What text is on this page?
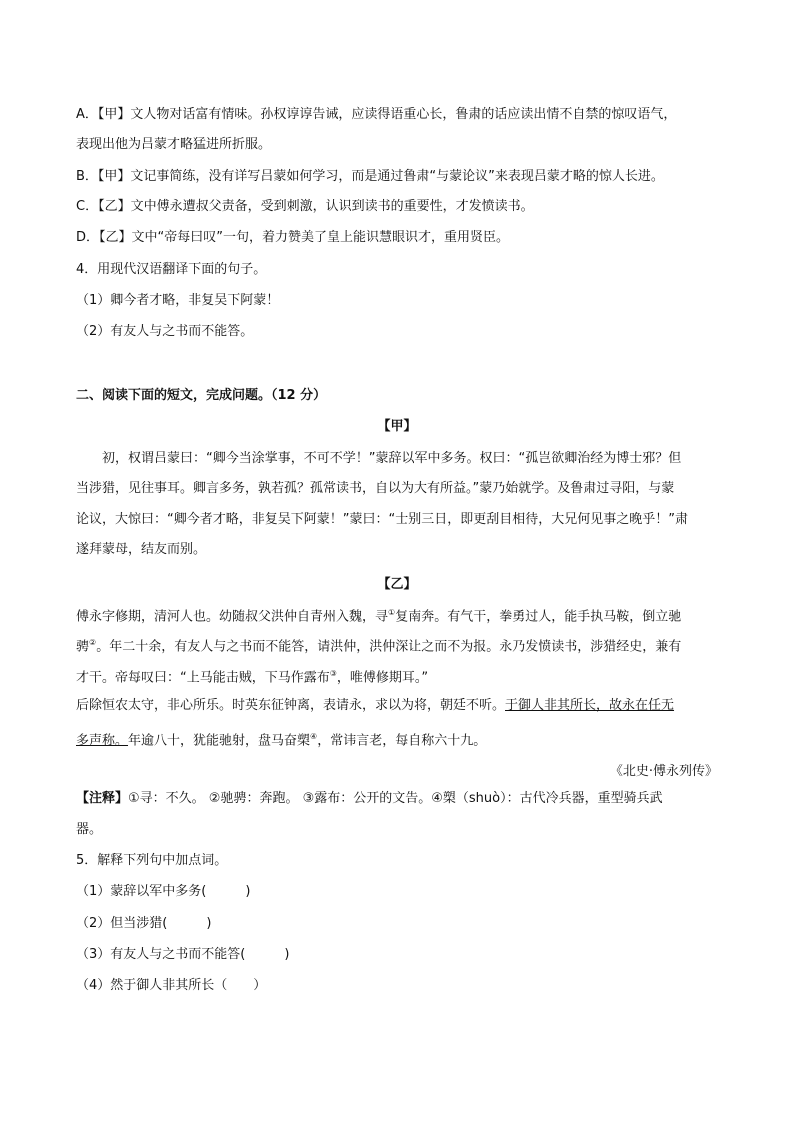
A．【甲】文人物对话富有情味。孙权谆谆告诫，应读得语重心长，鲁肃的话应读出情不自禁的惊叹语气，
表现出他为吕蒙才略猛进所折服。
B．【甲】文记事简练，没有详写吕蒙如何学习，而是通过鲁肃“与蒙论议”来表现吕蒙才略的惊人长进。
C．【乙】文中傅永遭叔父责备，受到刺激，认识到读书的重要性，才发愤读书。
D．【乙】文中“帝每曰叹”一句，着力赞美了皇上能识慧眼识才，重用贤臣。
4．用现代汉语翻译下面的句子。
（1）卿今者才略，非复吴下阿蒙！
（2）有友人与之书而不能答。
二、阅读下面的短文，完成问题。（12 分）
【甲】
初，权谓吕蒙曰：“卿今当涂掌事，不可不学！”蒙辞以军中多务。权曰：“孤岂欲卿治经为博士邪？但
当涉猎，见往事耳。卿言多务，孰若孤？孤常读书，自以为大有所益。”蒙乃始就学。及鲁肃过寻阳，与蒙
论议，大惊曰：“卿今者才略，非复吴下阿蒙！”蒙曰：“士别三日，即更刮目相待，大兄何见事之晚乎！”肃
遂拜蒙母，结友而别。
【乙】
傅永字修期，清河人也。幼随叔父洪仲自青州入魏，寻①复南奔。有气干，拳勇过人，能手执马鞍，倒立驰
骋②。年二十余，有友人与之书而不能答，请洪仲，洪仲深让之而不为报。永乃发愤读书，涉猎经史，兼有
才干。帝每叹曰：“上马能击贼，下马作露布③，唯傅修期耳。”
后除恒农太守，非心所乐。时英东征钟离，表请永，求以为将，朝廷不听。于御人非其所长，故永在任无
多声称。年逾八十，犹能驰射，盘马奋槊④，常讳言老，每自称六十九。
《北史·傅永列传》
【注释】①寻：不久。 ②驰骋：奔跑。 ③露布：公开的文告。④槊（shuò）：古代冷兵器，重型骑兵武
器。
5．解释下列句中加点词。
（1）蒙辞以军中多务(　　　)
（2）但当涉猎(　　　)
（3）有友人与之书而不能答(　　　)
（4）然于御人非其所长（　　）
